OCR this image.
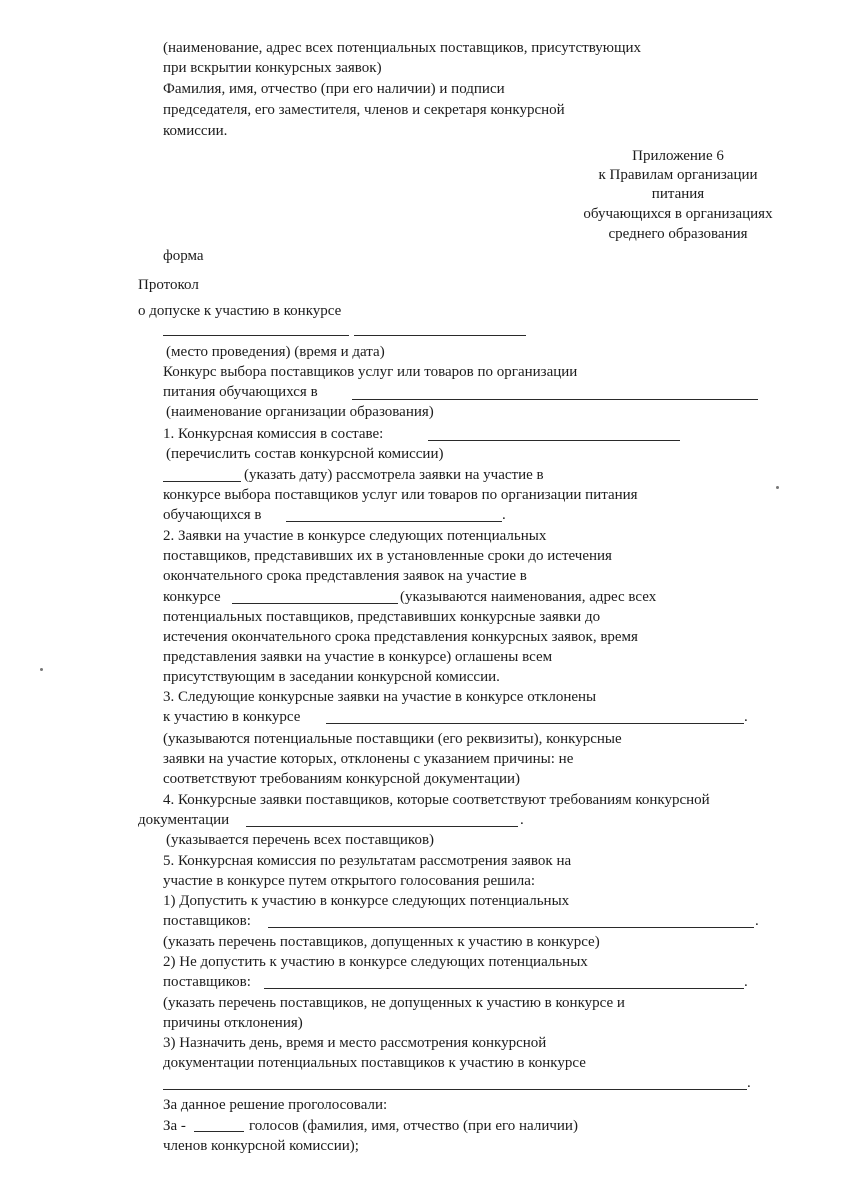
(наименование, адрес всех потенциальных поставщиков, присутствующих
при вскрытии конкурсных заявок)
Фамилия, имя, отчество (при его наличии) и подписи
председателя, его заместителя, членов и секретаря конкурсной
комиссии.
Приложение 6
к Правилам организации
питания
обучающихся в организациях
среднего образования
форма
Протокол
о допуске к участию в конкурсе
(место проведения) (время и дата)
Конкурс выбора поставщиков услуг или товаров по организации
питания обучающихся в
(наименование организации образования)
1. Конкурсная комиссия в составе:
(перечислить состав конкурсной комиссии)
(указать дату) рассмотрела заявки на участие в
конкурсе выбора поставщиков услуг или товаров по организации питания
обучающихся в	.
2. Заявки на участие в конкурсе следующих потенциальных
поставщиков, представивших их в установленные сроки до истечения
окончательного срока представления заявок на участие в
конкурсе	(указываются наименования, адрес всех
потенциальных поставщиков, представивших конкурсные заявки до
истечения окончательного срока представления конкурсных заявок, время
представления заявки на участие в конкурсе) оглашены всем
присутствующим в заседании конкурсной комиссии.
3. Следующие конкурсные заявки на участие в конкурсе отклонены
к участию в конкурсе	.
(указываются потенциальные поставщики (его реквизиты), конкурсные
заявки на участие которых, отклонены с указанием причины: не
соответствуют требованиям конкурсной документации)
4. Конкурсные заявки поставщиков, которые соответствуют требованиям конкурсной
документации	.
(указывается перечень всех поставщиков)
5. Конкурсная комиссия по результатам рассмотрения заявок на
участие в конкурсе путем открытого голосования решила:
1) Допустить к участию в конкурсе следующих потенциальных
поставщиков:	.
(указать перечень поставщиков, допущенных к участию в конкурсе)
2) Не допустить к участию в конкурсе следующих потенциальных
поставщиков:	.
(указать перечень поставщиков, не допущенных к участию в конкурсе и
причины отклонения)
3) Назначить день, время и место рассмотрения конкурсной
документации потенциальных поставщиков к участию в конкурсе
.
За данное решение проголосовали:
За -	голосов (фамилия, имя, отчество (при его наличии)
членов конкурсной комиссии);
